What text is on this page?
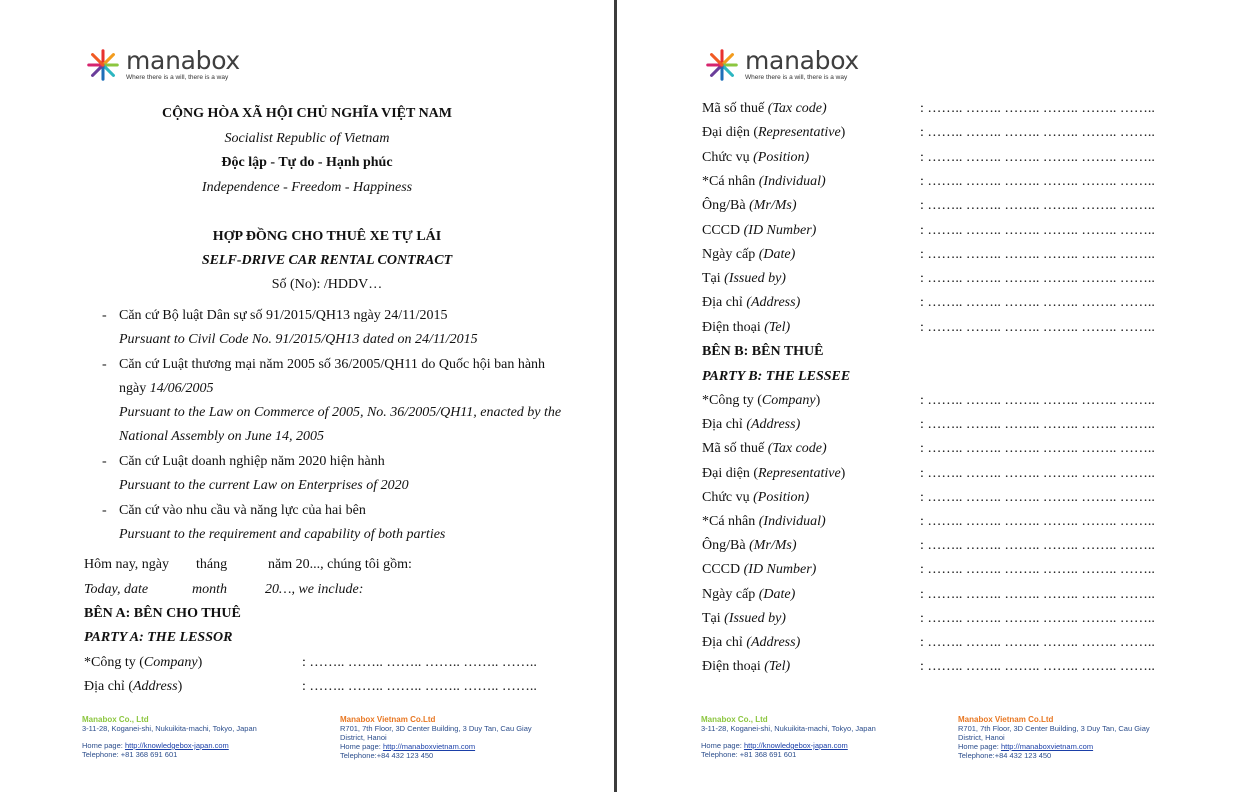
manabox
Where there is a will, there is a way
CỘNG HÒA XÃ HỘI CHỦ NGHĨA VIỆT NAM
Socialist Republic of Vietnam
Độc lập - Tự do - Hạnh phúc
Independence - Freedom - Happiness
HỢP ĐỒNG CHO THUÊ XE TỰ LÁI
SELF-DRIVE CAR RENTAL CONTRACT
Số (No): /HDDV…
- Căn cứ Bộ luật Dân sự số 91/2015/QH13 ngày 24/11/2015
Pursuant to Civil Code No. 91/2015/QH13 dated on 24/11/2015
- Căn cứ Luật thương mại năm 2005 số 36/2005/QH11 do Quốc hội ban hành
ngày 14/06/2005
Pursuant to the Law on Commerce of 2005, No. 36/2005/QH11, enacted by the
National Assembly on June 14, 2005
- Căn cứ Luật doanh nghiệp năm 2020 hiện hành
Pursuant to the current Law on Enterprises of 2020
- Căn cứ vào nhu cầu và năng lực của hai bên
Pursuant to the requirement and capability of both parties
Hôm nay, ngày tháng	năm 20..., chúng tôi gồm:
Today, date	month	20…, we include:
BÊN A: BÊN CHO THUÊ
PARTY A: THE LESSOR
*Công ty (Company)	: …….. …….. …….. …….. …….. ……..
Địa chỉ (Address)	: …….. …….. …….. …….. …….. ……..
Manabox Co., Ltd
3-11-28, Koganei-shi, Nukuikita-machi, Tokyo, Japan
Home page: http://knowledgebox-japan.com
Telephone: +81 368 691 601
Manabox Vietnam Co.Ltd
R701, 7th Floor, 3D Center Building, 3 Duy Tan, Cau Giay
District, Hanoi
Home page: http://manaboxvietnam.com
Telephone:+84 432 123 450
manabox
Where there is a will, there is a way
Mã số thuế (Tax code)	: …….. …….. …….. …….. …….. ……..
Đại diện (Representative)	: …….. …….. …….. …….. …….. ……..
Chức vụ (Position)	: …….. …….. …….. …….. …….. ……..
*Cá nhân (Individual)	: …….. …….. …….. …….. …….. ……..
Ông/Bà (Mr/Ms)	: …….. …….. …….. …….. …….. ……..
CCCD (ID Number)	: …….. …….. …….. …….. …….. ……..
Ngày cấp (Date)	: …….. …….. …….. …….. …….. ……..
Tại (Issued by)	: …….. …….. …….. …….. …….. ……..
Địa chỉ (Address)	: …….. …….. …….. …….. …….. ……..
Điện thoại (Tel)	: …….. …….. …….. …….. …….. ……..
BÊN B: BÊN THUÊ
PARTY B: THE LESSEE
*Công ty (Company)	: …….. …….. …….. …….. …….. ……..
Địa chỉ (Address)	: …….. …….. …….. …….. …….. ……..
Mã số thuế (Tax code)	: …….. …….. …….. …….. …….. ……..
Đại diện (Representative)	: …….. …….. …….. …….. …….. ……..
Chức vụ (Position)	: …….. …….. …….. …….. …….. ……..
*Cá nhân (Individual)	: …….. …….. …….. …….. …….. ……..
Ông/Bà (Mr/Ms)	: …….. …….. …….. …….. …….. ……..
CCCD (ID Number)	: …….. …….. …….. …….. …….. ……..
Ngày cấp (Date)	: …….. …….. …….. …….. …….. ……..
Tại (Issued by)	: …….. …….. …….. …….. …….. ……..
Địa chỉ (Address)	: …….. …….. …….. …….. …….. ……..
Điện thoại (Tel)	: …….. …….. …….. …….. …….. ……..
Manabox Co., Ltd
3-11-28, Koganei-shi, Nukuikita-machi, Tokyo, Japan
Home page: http://knowledgebox-japan.com
Telephone: +81 368 691 601
Manabox Vietnam Co.Ltd
R701, 7th Floor, 3D Center Building, 3 Duy Tan, Cau Giay
District, Hanoi
Home page: http://manaboxvietnam.com
Telephone:+84 432 123 450
